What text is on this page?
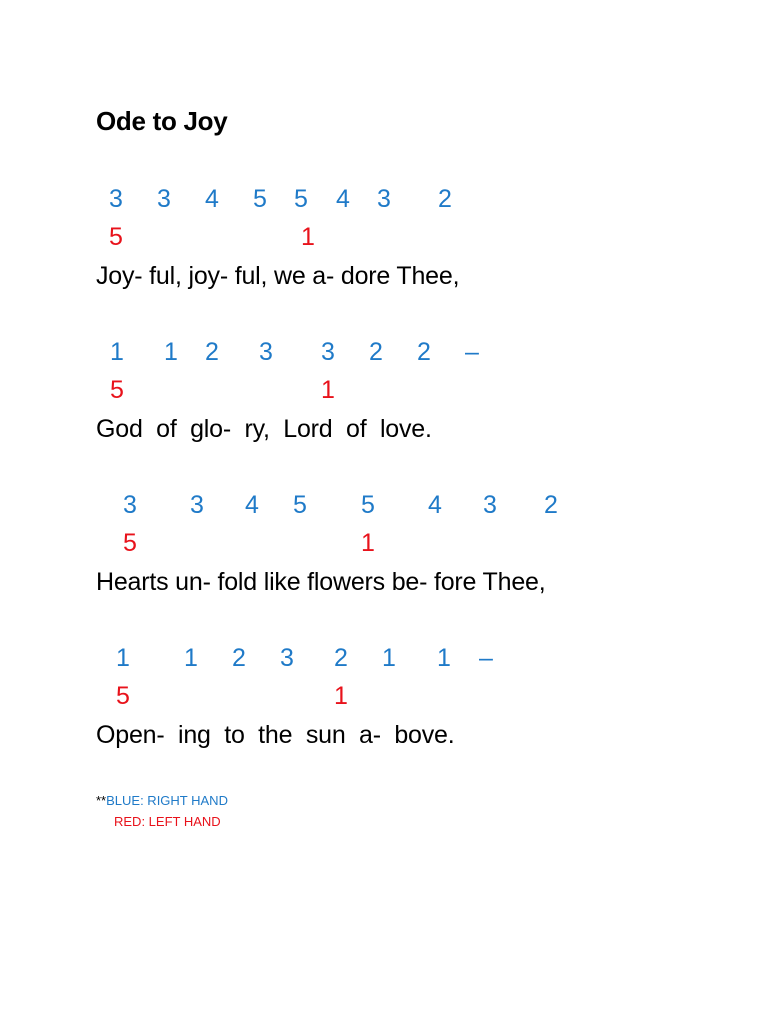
Ode to Joy
3 3 4 5 5 4 3 2
5	1
Joy- ful, joy- ful, we a- dore Thee,
1 1 2 3 3 2 2 –
5	1
God  of  glo-  ry,  Lord  of  love.
3 3 4 5 5 4 3 2
5	1
Hearts un- fold like flowers be- fore Thee,
1 1 2 3 2 1 1 –
5	1
Open-  ing  to  the  sun  a-  bove.
**BLUE: RIGHT HAND
RED: LEFT HAND
